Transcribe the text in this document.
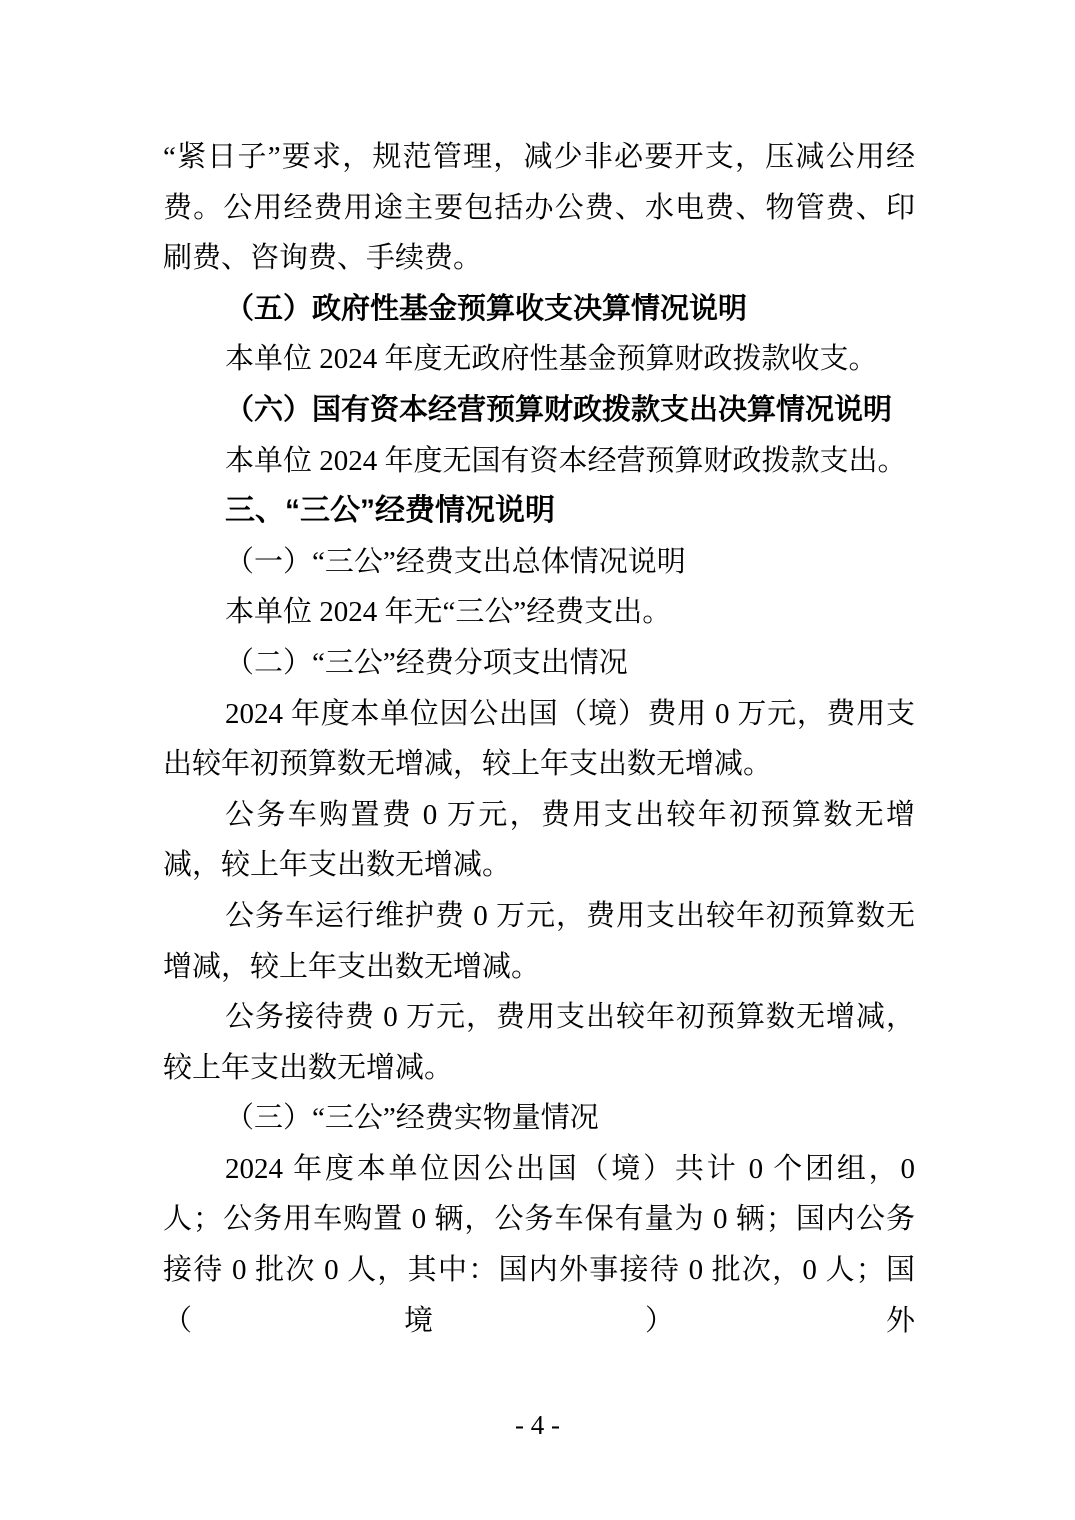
“紧日子”要求，规范管理，减少非必要开支，压减公用经费。公用经费用途主要包括办公费、水电费、物管费、印刷费、咨询费、手续费。

（五）政府性基金预算收支决算情况说明

本单位 2024 年度无政府性基金预算财政拨款收支。

（六）国有资本经营预算财政拨款支出决算情况说明

本单位 2024 年度无国有资本经营预算财政拨款支出。

三、“三公”经费情况说明

（一）“三公”经费支出总体情况说明

本单位 2024 年无“三公”经费支出。

（二）“三公”经费分项支出情况

2024 年度本单位因公出国（境）费用 0 万元，费用支出较年初预算数无增减，较上年支出数无增减。

公务车购置费 0 万元，费用支出较年初预算数无增减，较上年支出数无增减。

公务车运行维护费 0 万元，费用支出较年初预算数无增减，较上年支出数无增减。

公务接待费 0 万元，费用支出较年初预算数无增减，较上年支出数无增减。

（三）“三公”经费实物量情况

2024 年度本单位因公出国（境）共计 0 个团组，0 人；公务用车购置 0 辆，公务车保有量为 0 辆；国内公务接待 0 批次 0 人，其中：国内外事接待 0 批次，0 人；国（境）外

- 4 -
